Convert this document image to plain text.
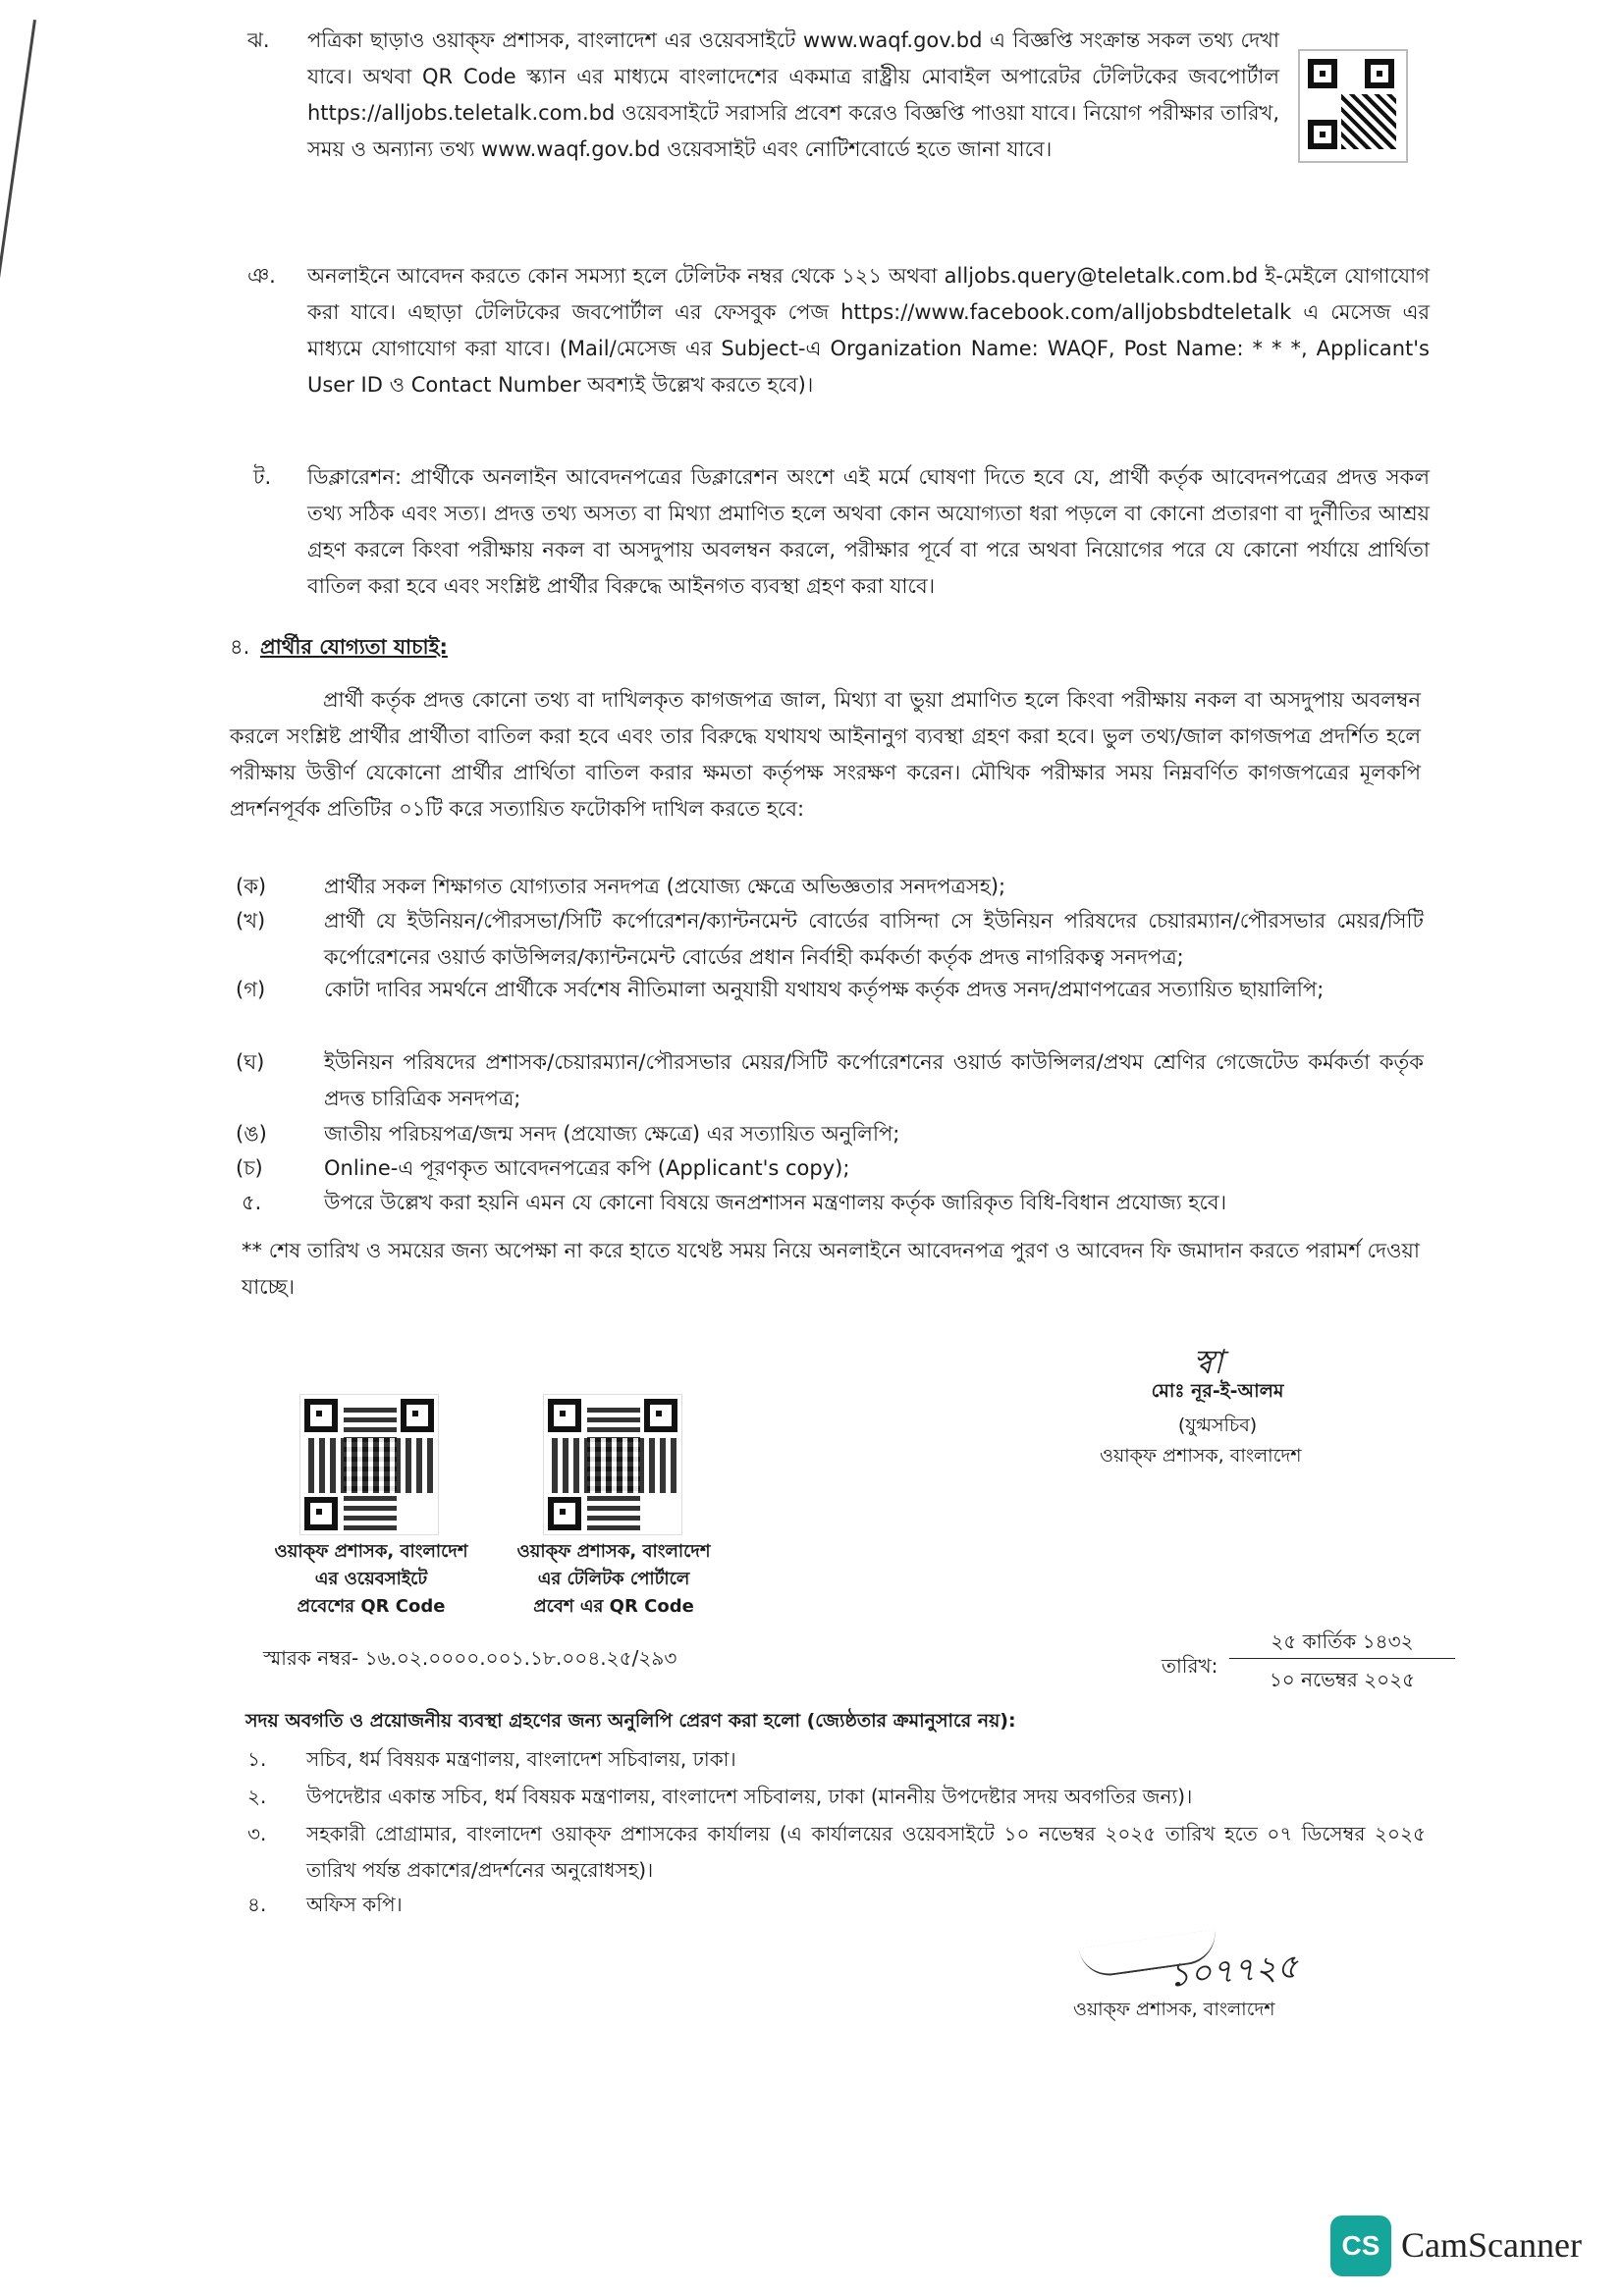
ঝ. পত্রিকা ছাড়াও ওয়াক্ফ প্রশাসক, বাংলাদেশ এর ওয়েবসাইটে www.waqf.gov.bd এ বিজ্ঞপ্তি সংক্রান্ত সকল তথ্য দেখা যাবে। অথবা QR Code স্ক্যান এর মাধ্যমে বাংলাদেশের একমাত্র রাষ্ট্রীয় মোবাইল অপারেটর টেলিটকের জবপোর্টাল https://alljobs.teletalk.com.bd ওয়েবসাইটে সরাসরি প্রবেশ করেও বিজ্ঞপ্তি পাওয়া যাবে। নিয়োগ পরীক্ষার তারিখ, সময় ও অন্যান্য তথ্য www.waqf.gov.bd ওয়েবসাইট এবং নোটিশবোর্ডে হতে জানা যাবে।
ঞ. অনলাইনে আবেদন করতে কোন সমস্যা হলে টেলিটক নম্বর থেকে ১২১ অথবা alljobs.query@teletalk.com.bd ই-মেইলে যোগাযোগ করা যাবে। এছাড়া টেলিটকের জবপোর্টাল এর ফেসবুক পেজ https://www.facebook.com/alljobsbdteletalk এ মেসেজ এর মাধ্যমে যোগাযোগ করা যাবে। (Mail/মেসেজ এর Subject-এ Organization Name: WAQF, Post Name: * * *, Applicant's User ID ও Contact Number অবশ্যই উল্লেখ করতে হবে)।
ট. ডিক্লারেশন: প্রার্থীকে অনলাইন আবেদনপত্রের ডিক্লারেশন অংশে এই মর্মে ঘোষণা দিতে হবে যে, প্রার্থী কর্তৃক আবেদনপত্রের প্রদত্ত সকল তথ্য সঠিক এবং সত্য। প্রদত্ত তথ্য অসত্য বা মিথ্যা প্রমাণিত হলে অথবা কোন অযোগ্যতা ধরা পড়লে বা কোনো প্রতারণা বা দুর্নীতির আশ্রয় গ্রহণ করলে কিংবা পরীক্ষায় নকল বা অসদুপায় অবলম্বন করলে, পরীক্ষার পূর্বে বা পরে অথবা নিয়োগের পরে যে কোনো পর্যায়ে প্রার্থিতা বাতিল করা হবে এবং সংশ্লিষ্ট প্রার্থীর বিরুদ্ধে আইনগত ব্যবস্থা গ্রহণ করা যাবে।
৪. প্রার্থীর যোগ্যতা যাচাই:
প্রার্থী কর্তৃক প্রদত্ত কোনো তথ্য বা দাখিলকৃত কাগজপত্র জাল, মিথ্যা বা ভুয়া প্রমাণিত হলে কিংবা পরীক্ষায় নকল বা অসদুপায় অবলম্বন করলে সংশ্লিষ্ট প্রার্থীর প্রার্থীতা বাতিল করা হবে এবং তার বিরুদ্ধে যথাযথ আইনানুগ ব্যবস্থা গ্রহণ করা হবে। ভুল তথ্য/জাল কাগজপত্র প্রদর্শিত হলে পরীক্ষায় উত্তীর্ণ যেকোনো প্রার্থীর প্রার্থিতা বাতিল করার ক্ষমতা কর্তৃপক্ষ সংরক্ষণ করেন। মৌখিক পরীক্ষার সময় নিম্নবর্ণিত কাগজপত্রের মূলকপি প্রদর্শনপূর্বক প্রতিটির ০১টি করে সত্যায়িত ফটোকপি দাখিল করতে হবে:
(ক)	প্রার্থীর সকল শিক্ষাগত যোগ্যতার সনদপত্র (প্রযোজ্য ক্ষেত্রে অভিজ্ঞতার সনদপত্রসহ);
(খ)	প্রার্থী যে ইউনিয়ন/পৌরসভা/সিটি কর্পোরেশন/ক্যান্টনমেন্ট বোর্ডের বাসিন্দা সে ইউনিয়ন পরিষদের চেয়ারম্যান/পৌরসভার মেয়র/সিটি কর্পোরেশনের ওয়ার্ড কাউন্সিলর/ক্যান্টনমেন্ট বোর্ডের প্রধান নির্বাহী কর্মকর্তা কর্তৃক প্রদত্ত নাগরিকত্ব সনদপত্র;
(গ)	কোটা দাবির সমর্থনে প্রার্থীকে সর্বশেষ নীতিমালা অনুযায়ী যথাযথ কর্তৃপক্ষ কর্তৃক প্রদত্ত সনদ/প্রমাণপত্রের সত্যায়িত ছায়ালিপি;
(ঘ)	ইউনিয়ন পরিষদের প্রশাসক/চেয়ারম্যান/পৌরসভার মেয়র/সিটি কর্পোরেশনের ওয়ার্ড কাউন্সিলর/প্রথম শ্রেণির গেজেটেড কর্মকর্তা কর্তৃক প্রদত্ত চারিত্রিক সনদপত্র;
(ঙ)	জাতীয় পরিচয়পত্র/জন্ম সনদ (প্রযোজ্য ক্ষেত্রে) এর সত্যায়িত অনুলিপি;
(চ)	Online-এ পূরণকৃত আবেদনপত্রের কপি (Applicant's copy);
৫.	উপরে উল্লেখ করা হয়নি এমন যে কোনো বিষয়ে জনপ্রশাসন মন্ত্রণালয় কর্তৃক জারিকৃত বিধি-বিধান প্রযোজ্য হবে।
** শেষ তারিখ ও সময়ের জন্য অপেক্ষা না করে হাতে যথেষ্ট সময় নিয়ে অনলাইনে আবেদনপত্র পুরণ ও আবেদন ফি জমাদান করতে পরামর্শ দেওয়া যাচ্ছে।
ওয়াক্ফ প্রশাসক, বাংলাদেশ
এর ওয়েবসাইটে
প্রবেশের QR Code
ওয়াক্ফ প্রশাসক, বাংলাদেশ
এর টেলিটক পোর্টালে
প্রবেশ এর QR Code
স্বা
মোঃ নূর-ই-আলম
(যুগ্মসচিব)
ওয়াক্ফ প্রশাসক, বাংলাদেশ
স্মারক নম্বর- ১৬.০২.০০০০.০০১.১৮.০০৪.২৫/২৯৩	তারিখ:
২৫ কার্তিক ১৪৩২
১০ নভেম্বর ২০২৫
সদয় অবগতি ও প্রয়োজনীয় ব্যবস্থা গ্রহণের জন্য অনুলিপি প্রেরণ করা হলো (জ্যেষ্ঠতার ক্রমানুসারে নয়):
১. সচিব, ধর্ম বিষয়ক মন্ত্রণালয়, বাংলাদেশ সচিবালয়, ঢাকা।
২. উপদেষ্টার একান্ত সচিব, ধর্ম বিষয়ক মন্ত্রণালয়, বাংলাদেশ সচিবালয়, ঢাকা (মাননীয় উপদেষ্টার সদয় অবগতির জন্য)।
৩. সহকারী প্রোগ্রামার, বাংলাদেশ ওয়াক্ফ প্রশাসকের কার্যালয় (এ কার্যালয়ের ওয়েবসাইটে ১০ নভেম্বর ২০২৫ তারিখ হতে ০৭ ডিসেম্বর ২০২৫ তারিখ পর্যন্ত প্রকাশের/প্রদর্শনের অনুরোধসহ)।
৪. অফিস কপি।
১০৭৭২৫
ওয়াক্ফ প্রশাসক, বাংলাদেশ
CS CamScanner
